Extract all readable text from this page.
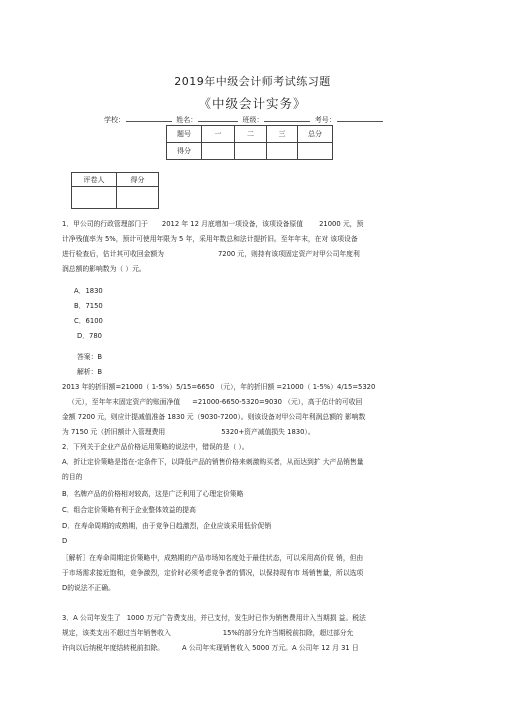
2019年中级会计师考试练习题
《中级会计实务》
学校：	姓名：	班级：	考号：
题号	一	二	三	总分
得分				
评卷人	得分

1．甲公司的行政管理部门于 2012 年 12 月底增加一项设备，该项设备原值 21000 元，预
计净残值率为 5%，预计可使用年限为 5 年，采用年数总和法计提折旧。至年年末，在对 该项设备
进行检查后，估计其可收回金额为	7200 元，则持有该项固定资产对甲公司年度利
润总额的影响数为（ ）元。
A．1830
B．7150
C．6100
D．780
答案：B
解析：B
2013 年的折旧额=21000（ 1-5%）5/15=6650 （元），年的折旧额 =21000（ 1-5%）4/15=5320
（元），至年年末固定资产的账面净值 =21000-6650-5320=9030 （元），高于估计的可收回
金额 7200 元，则应计提减值准备 1830 元（9030-7200）。则该设备对甲公司年利润总额的 影响数
为 7150 元（折旧额计入管理费用	5320+资产减值损失 1830）。
2．下列关于企业产品价格运用策略的说法中，错误的是（ ）。
A．折让定价策略是指在-定条件下，以降低产品的销售价格来刺激购买者，从而达到扩 大产品销售量
的目的
B．名牌产品的价格相对较高，这是广泛利用了心理定价策略
C．组合定价策略有利于企业整体效益的提高
D．在寿命周期的成熟期，由于竞争日趋激烈，企业应该采用低价促销
D
［解析］在寿命周期定价策略中，成熟期的产品市场知名度处于最佳状态，可以采用高价促 销，但由
于市场需求接近饱和，竞争激烈，定价时必须考虑竞争者的情况，以保持现有市 场销售量，所以选项
D的说法不正确。
3．A 公司年发生了 1000 万元广告费支出，并已支付，发生时已作为销售费用计入当期损 益。税法
规定，该类支出不超过当年销售收入	15%的部分允许当期税前扣除，超过部分允
许向以后纳税年度结转税前扣除。	A 公司年实现销售收入 5000 万元。A 公司年 12 月 31 日
